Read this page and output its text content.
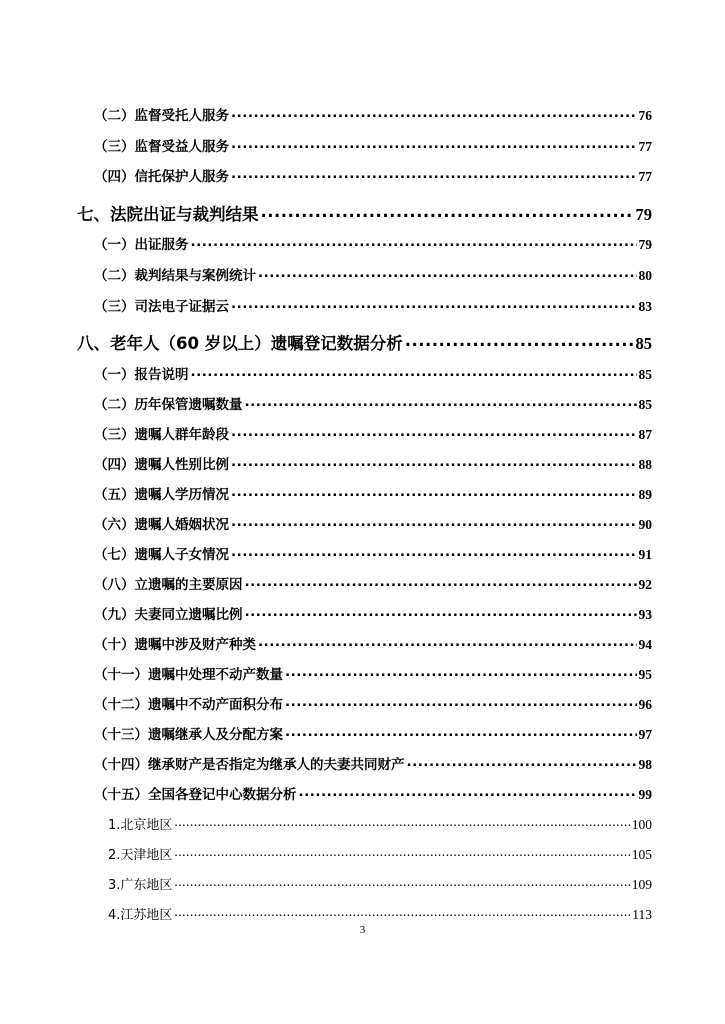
（二）监督受托人服务 .....	76
（三）监督受益人服务 .....	77
（四）信托保护人服务 .....	77
七、法院出证与裁判结果 .....	79
（一）出证服务 .....	79
（二）裁判结果与案例统计 .....	80
（三）司法电子证据云 .....	83
八、老年人（60 岁以上）遗嘱登记数据分析 .....	85
（一）报告说明 .....	85
（二）历年保管遗嘱数量 .....	85
（三）遗嘱人群年龄段 .....	87
（四）遗嘱人性别比例 .....	88
（五）遗嘱人学历情况 .....	89
（六）遗嘱人婚姻状况 .....	90
（七）遗嘱人子女情况 .....	91
（八）立遗嘱的主要原因 .....	92
（九）夫妻同立遗嘱比例 .....	93
（十）遗嘱中涉及财产种类 .....	94
（十一）遗嘱中处理不动产数量 .....	95
（十二）遗嘱中不动产面积分布 .....	96
（十三）遗嘱继承人及分配方案 .....	97
（十四）继承财产是否指定为继承人的夫妻共同财产 .....	98
（十五）全国各登记中心数据分析 .....	99
1.北京地区 .....	100
2.天津地区 .....	105
3.广东地区 .....	109
4.江苏地区 .....	113
3
